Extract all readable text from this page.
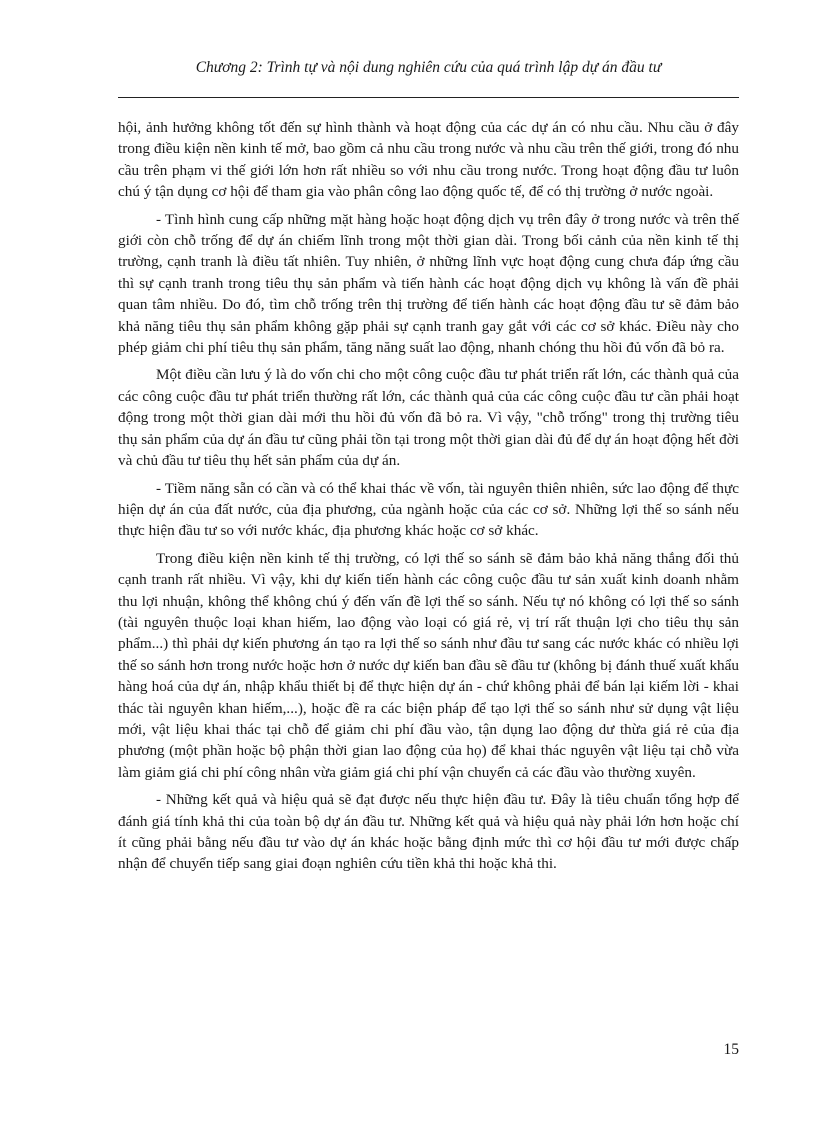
Chương 2: Trình tự và nội dung nghiên cứu của quá trình lập dự án đầu tư

hội, ảnh hưởng không tốt đến sự hình thành và hoạt động của các dự án có nhu cầu. Nhu cầu ở đây trong điều kiện nền kinh tế mở, bao gồm cả nhu cầu trong nước và nhu cầu trên thế giới, trong đó nhu cầu trên phạm vi thế giới lớn hơn rất nhiều so với nhu cầu trong nước. Trong hoạt động đầu tư luôn chú ý tận dụng cơ hội để tham gia vào phân công lao động quốc tế, để có thị trường ở nước ngoài.

- Tình hình cung cấp những mặt hàng hoặc hoạt động dịch vụ trên đây ở trong nước và trên thế giới còn chỗ trống để dự án chiếm lĩnh trong một thời gian dài. Trong bối cảnh của nền kinh tế thị trường, cạnh tranh là điều tất nhiên. Tuy nhiên, ở những lĩnh vực hoạt động cung chưa đáp ứng cầu thì sự cạnh tranh trong tiêu thụ sản phẩm và tiến hành các hoạt động dịch vụ không là vấn đề phải quan tâm nhiều. Do đó, tìm chỗ trống trên thị trường để tiến hành các hoạt động đầu tư sẽ đảm bảo khả năng tiêu thụ sản phẩm không gặp phải sự cạnh tranh gay gắt với các cơ sở khác. Điều này cho phép giảm chi phí tiêu thụ sản phẩm, tăng năng suất lao động, nhanh chóng thu hồi đủ vốn đã bỏ ra.

Một điều cần lưu ý là do vốn chi cho một công cuộc đầu tư phát triển rất lớn, các thành quả của các công cuộc đầu tư phát triển thường rất lớn, các thành quả của các công cuộc đầu tư cần phải hoạt động trong một thời gian dài mới thu hồi đủ vốn đã bỏ ra. Vì vậy, "chỗ trống" trong thị trường tiêu thụ sản phẩm của dự án đầu tư cũng phải tồn tại trong một thời gian dài đủ để dự án hoạt động hết đời và chủ đầu tư tiêu thụ hết sản phẩm của dự án.

- Tiềm năng sẵn có cần và có thể khai thác về vốn, tài nguyên thiên nhiên, sức lao động để thực hiện dự án của đất nước, của địa phương, của ngành hoặc của các cơ sở. Những lợi thế so sánh nếu thực hiện đầu tư so với nước khác, địa phương khác hoặc cơ sở khác.

Trong điều kiện nền kinh tế thị trường, có lợi thế so sánh sẽ đảm bảo khả năng thắng đối thủ cạnh tranh rất nhiều. Vì vậy, khi dự kiến tiến hành các công cuộc đầu tư sản xuất kinh doanh nhằm thu lợi nhuận, không thể không chú ý đến vấn đề lợi thế so sánh. Nếu tự nó không có lợi thế so sánh (tài nguyên thuộc loại khan hiếm, lao động vào loại có giá rẻ, vị trí rất thuận lợi cho tiêu thụ sản phẩm...) thì phải dự kiến phương án tạo ra lợi thế so sánh như đầu tư sang các nước khác có nhiều lợi thế so sánh hơn trong nước hoặc hơn ở nước dự kiến ban đầu sẽ đầu tư (không bị đánh thuế xuất khẩu hàng hoá của dự án, nhập khẩu thiết bị để thực hiện dự án - chứ không phải để bán lại kiếm lời - khai thác tài nguyên khan hiếm,...), hoặc đề ra các biện pháp để tạo lợi thế so sánh như sử dụng vật liệu mới, vật liệu khai thác tại chỗ để giảm chi phí đầu vào, tận dụng lao động dư thừa giá rẻ của địa phương (một phần hoặc bộ phận thời gian lao động của họ) để khai thác nguyên vật liệu tại chỗ vừa làm giảm giá chi phí công nhân vừa giảm giá chi phí vận chuyển cả các đầu vào thường xuyên.

- Những kết quả và hiệu quả sẽ đạt được nếu thực hiện đầu tư. Đây là tiêu chuẩn tổng hợp để đánh giá tính khả thi của toàn bộ dự án đầu tư. Những kết quả và hiệu quả này phải lớn hơn hoặc chí ít cũng phải bằng nếu đầu tư vào dự án khác hoặc bằng định mức thì cơ hội đầu tư mới được chấp nhận để chuyển tiếp sang giai đoạn nghiên cứu tiền khả thi hoặc khả thi.

15
